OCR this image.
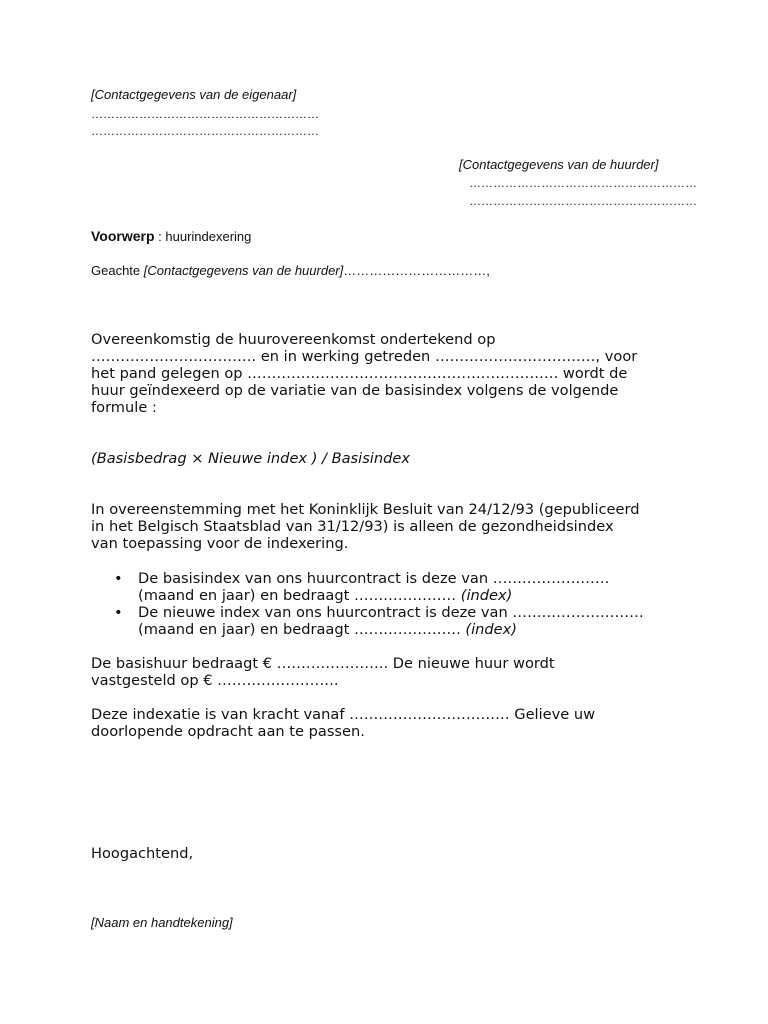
[Contactgegevens van de eigenaar]
…………………………………………………
…………………………………………………
[Contactgegevens van de huurder]
…………………………………………………
…………………………………………………
Voorwerp : huurindexering
Geachte [Contactgegevens van de huurder]……………………………,
Overeenkomstig de huurovereenkomst ondertekend op
……………………………. en in werking getreden ……………………………, voor
het pand gelegen op ………………………………………………………. wordt de
huur geïndexeerd op de variatie van de basisindex volgens de volgende
formule :
(Basisbedrag × Nieuwe index ) / Basisindex
In overeenstemming met het Koninklijk Besluit van 24/12/93 (gepubliceerd
in het Belgisch Staatsblad van 31/12/93) is alleen de gezondheidsindex
van toepassing voor de indexering.
• De basisindex van ons huurcontract is deze van ……………………
(maand en jaar) en bedraagt ………………… (index)
• De nieuwe index van ons huurcontract is deze van ………………………
(maand en jaar) en bedraagt …………………. (index)
De basishuur bedraagt € ………………….. De nieuwe huur wordt
vastgesteld op € …………………….
Deze indexatie is van kracht vanaf …………………………… Gelieve uw
doorlopende opdracht aan te passen.
Hoogachtend,
[Naam en handtekening]
